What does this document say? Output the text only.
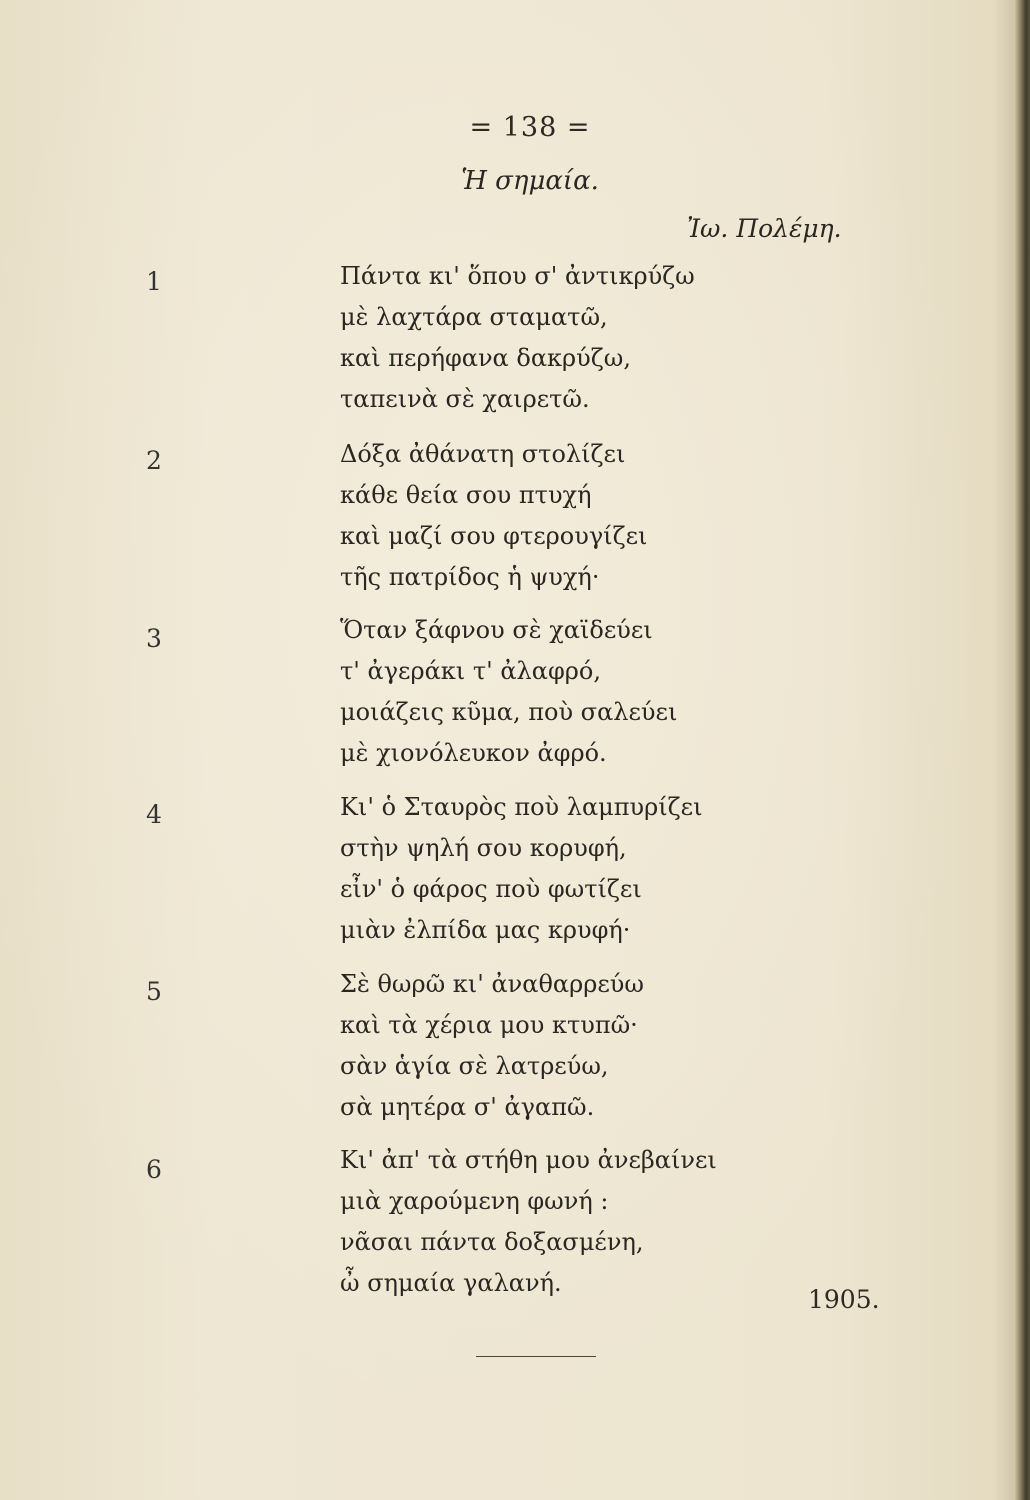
= 138 =
Ἡ σημαία.
Ἰω. Πολέμη.
1	Πάντα κι' ὅπου σ' ἀντικρύζω
μὲ λαχτάρα σταματῶ,
καὶ περήφανα δακρύζω,
ταπεινὰ σὲ χαιρετῶ.
2	Δόξα ἀθάνατη στολίζει
κάθε θεία σου πτυχή
καὶ μαζί σου φτερουγίζει
τῆς πατρίδος ἡ ψυχή·
3	Ὅταν ξάφνου σὲ χαϊδεύει
τ' ἀγεράκι τ' ἀλαφρό,
μοιάζεις κῦμα, ποὺ σαλεύει
μὲ χιονόλευκον ἀφρό.
4	Κι' ὁ Σταυρὸς ποὺ λαμπυρίζει
στὴν ψηλή σου κορυφή,
εἶν' ὁ φάρος ποὺ φωτίζει
μιὰν ἐλπίδα μας κρυφή·
5	Σὲ θωρῶ κι' ἀναθαρρεύω
καὶ τὰ χέρια μου κτυπῶ·
σὰν ἁγία σὲ λατρεύω,
σὰ μητέρα σ' ἀγαπῶ.
6	Κι' ἀπ' τὰ στήθη μου ἀνεβαίνει
μιὰ χαρούμενη φωνή :
νᾶσαι πάντα δοξασμένη,
ὦ σημαία γαλανή.
1905.
